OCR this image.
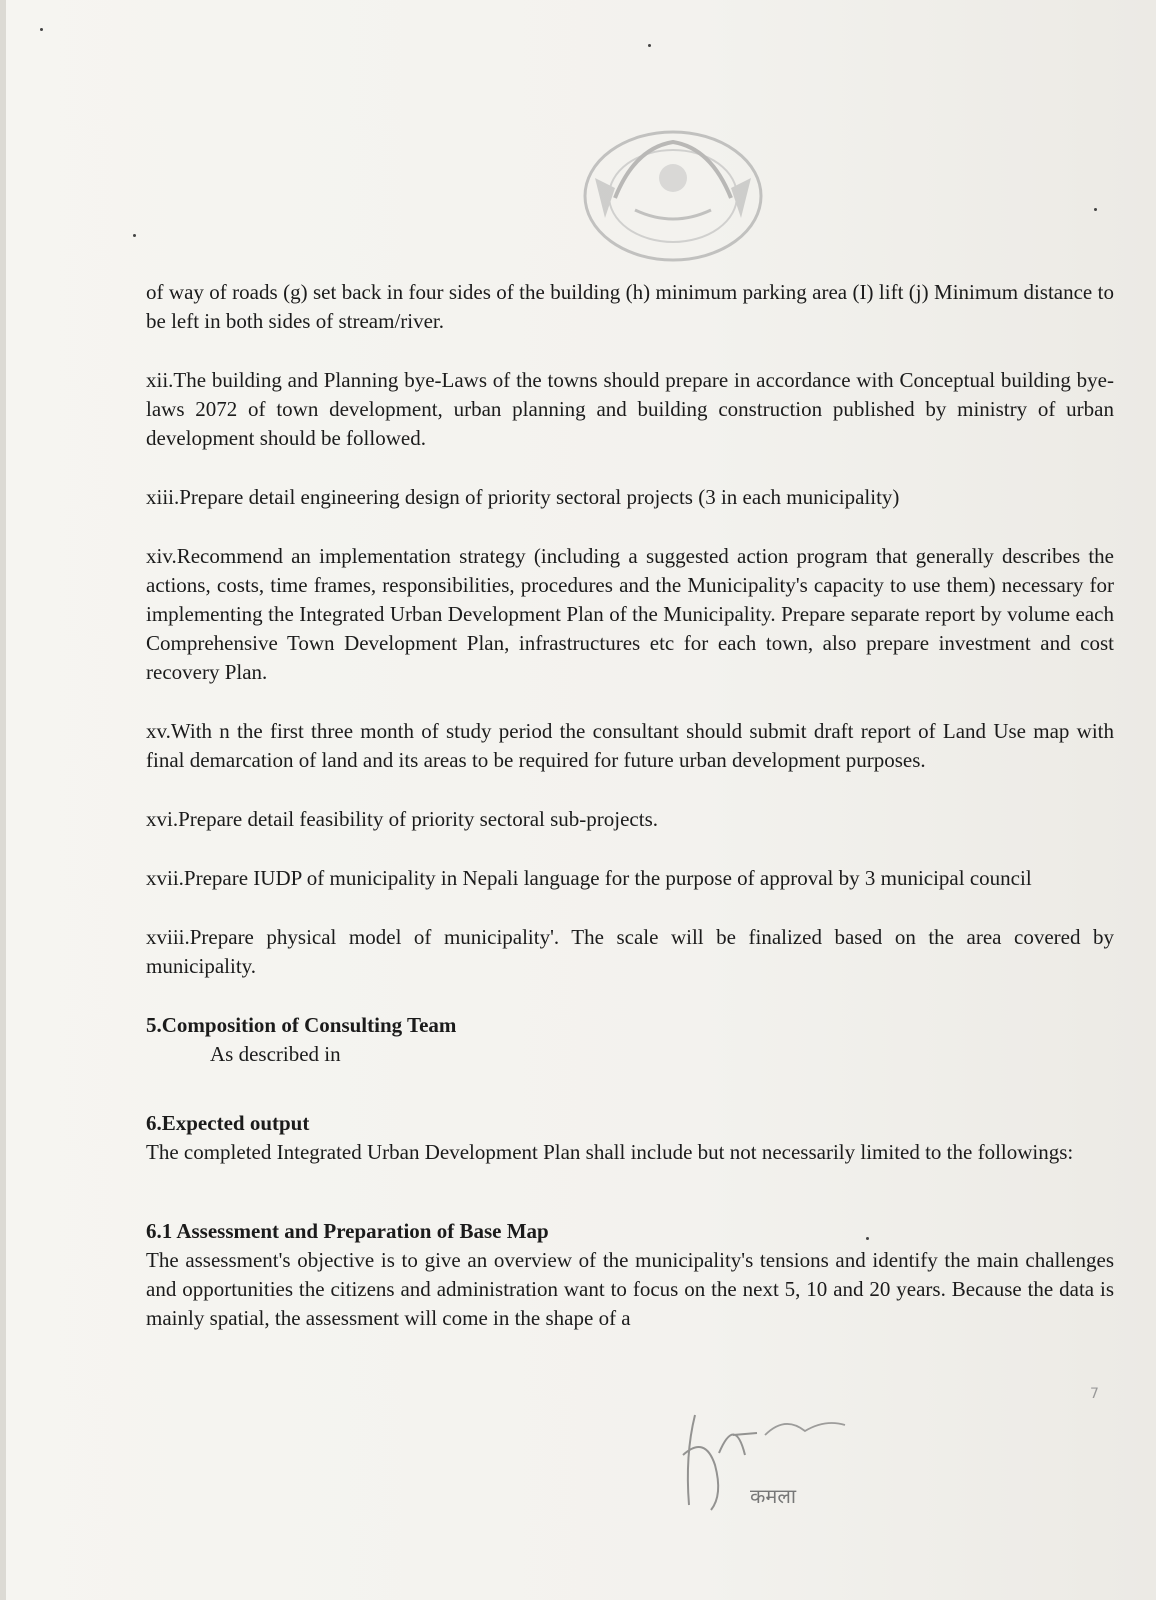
of way of roads (g) set back in four sides of the building (h) minimum parking area (I) lift (j) Minimum distance to be left in both sides of stream/river.

xii.The building and Planning bye-Laws of the towns should prepare in accordance with Conceptual building bye-laws 2072 of town development, urban planning and building construction published by ministry of urban development should be followed.

xiii.Prepare detail engineering design of priority sectoral projects (3 in each municipality)

xiv.Recommend an implementation strategy (including a suggested action program that generally describes the actions, costs, time frames, responsibilities, procedures and the Municipality's capacity to use them) necessary for implementing the Integrated Urban Development Plan of the Municipality. Prepare separate report by volume each Comprehensive Town Development Plan, infrastructures etc for each town, also prepare investment and cost recovery Plan.

xv.With n the first three month of study period the consultant should submit draft report of Land Use map with final demarcation of land and its areas to be required for future urban development purposes.

xvi.Prepare detail feasibility of priority sectoral sub-projects.

xvii.Prepare IUDP of municipality in Nepali language for the purpose of approval by 3 municipal council

xviii.Prepare physical model of municipality'. The scale will be finalized based on the area covered by municipality.

5.Composition of Consulting Team

As described in

6.Expected output

The completed Integrated Urban Development Plan shall include but not necessarily limited to the followings:

6.1 Assessment and Preparation of Base Map

The assessment's objective is to give an overview of the municipality's tensions and identify the main challenges and opportunities the citizens and administration want to focus on the next 5, 10 and 20 years. Because the data is mainly spatial, the assessment will come in the shape of a

कमला
7
